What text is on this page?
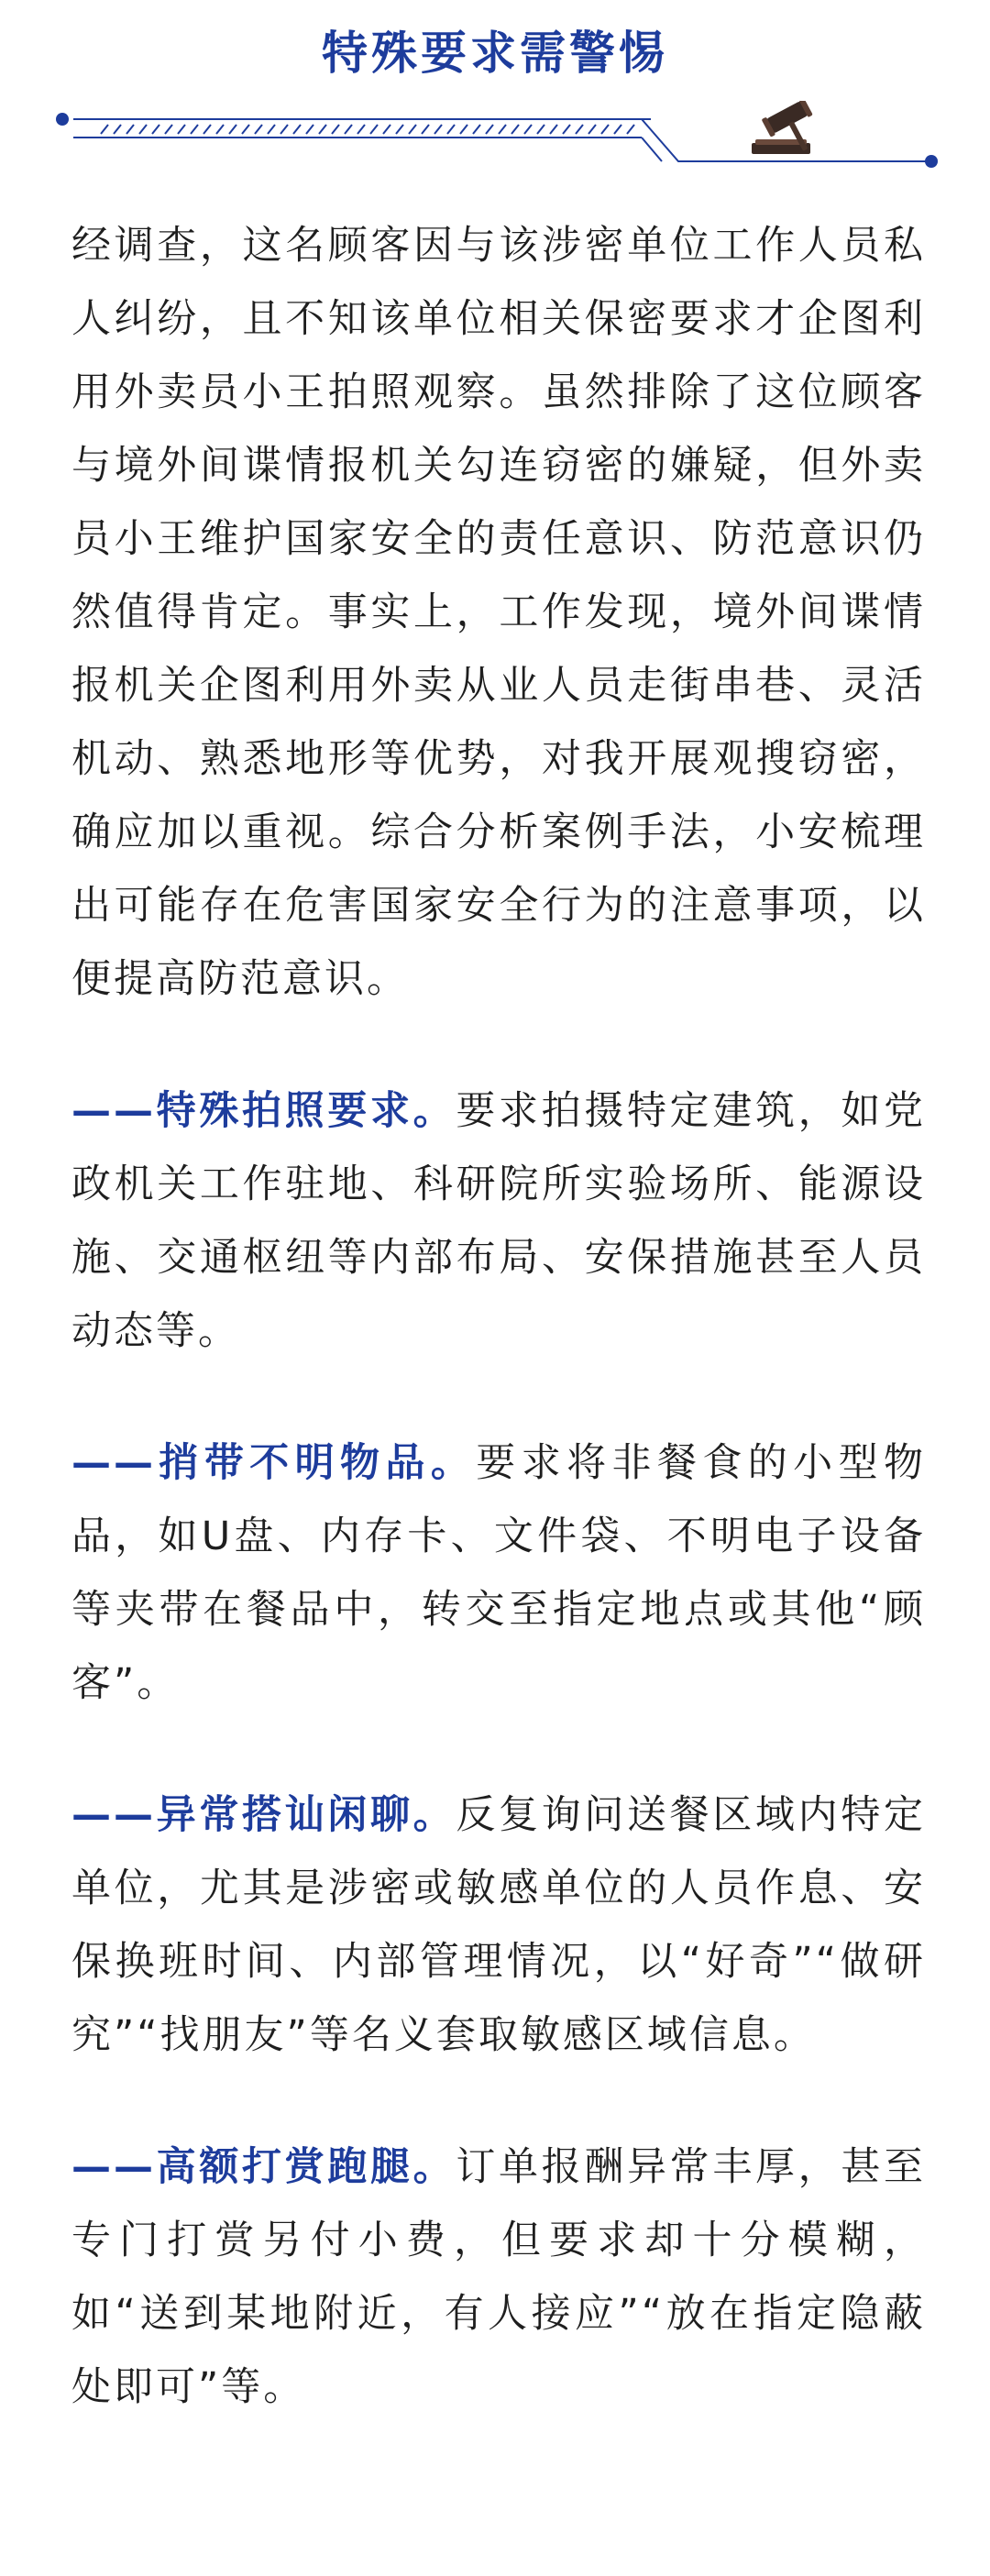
特殊要求需警惕

经调查，这名顾客因与该涉密单位工作人员私人纠纷，且不知该单位相关保密要求才企图利用外卖员小王拍照观察。虽然排除了这位顾客与境外间谍情报机关勾连窃密的嫌疑，但外卖员小王维护国家安全的责任意识、防范意识仍然值得肯定。事实上，工作发现，境外间谍情报机关企图利用外卖从业人员走街串巷、灵活机动、熟悉地形等优势，对我开展观搜窃密，确应加以重视。综合分析案例手法，小安梳理出可能存在危害国家安全行为的注意事项，以便提高防范意识。

——特殊拍照要求。要求拍摄特定建筑，如党政机关工作驻地、科研院所实验场所、能源设施、交通枢纽等内部布局、安保措施甚至人员动态等。

——捎带不明物品。要求将非餐食的小型物品，如U盘、内存卡、文件袋、不明电子设备等夹带在餐品中，转交至指定地点或其他“顾客”。

——异常搭讪闲聊。反复询问送餐区域内特定单位，尤其是涉密或敏感单位的人员作息、安保换班时间、内部管理情况，以“好奇”“做研究”“找朋友”等名义套取敏感区域信息。

——高额打赏跑腿。订单报酬异常丰厚，甚至专门打赏另付小费，但要求却十分模糊，如“送到某地附近，有人接应”“放在指定隐蔽处即可”等。
